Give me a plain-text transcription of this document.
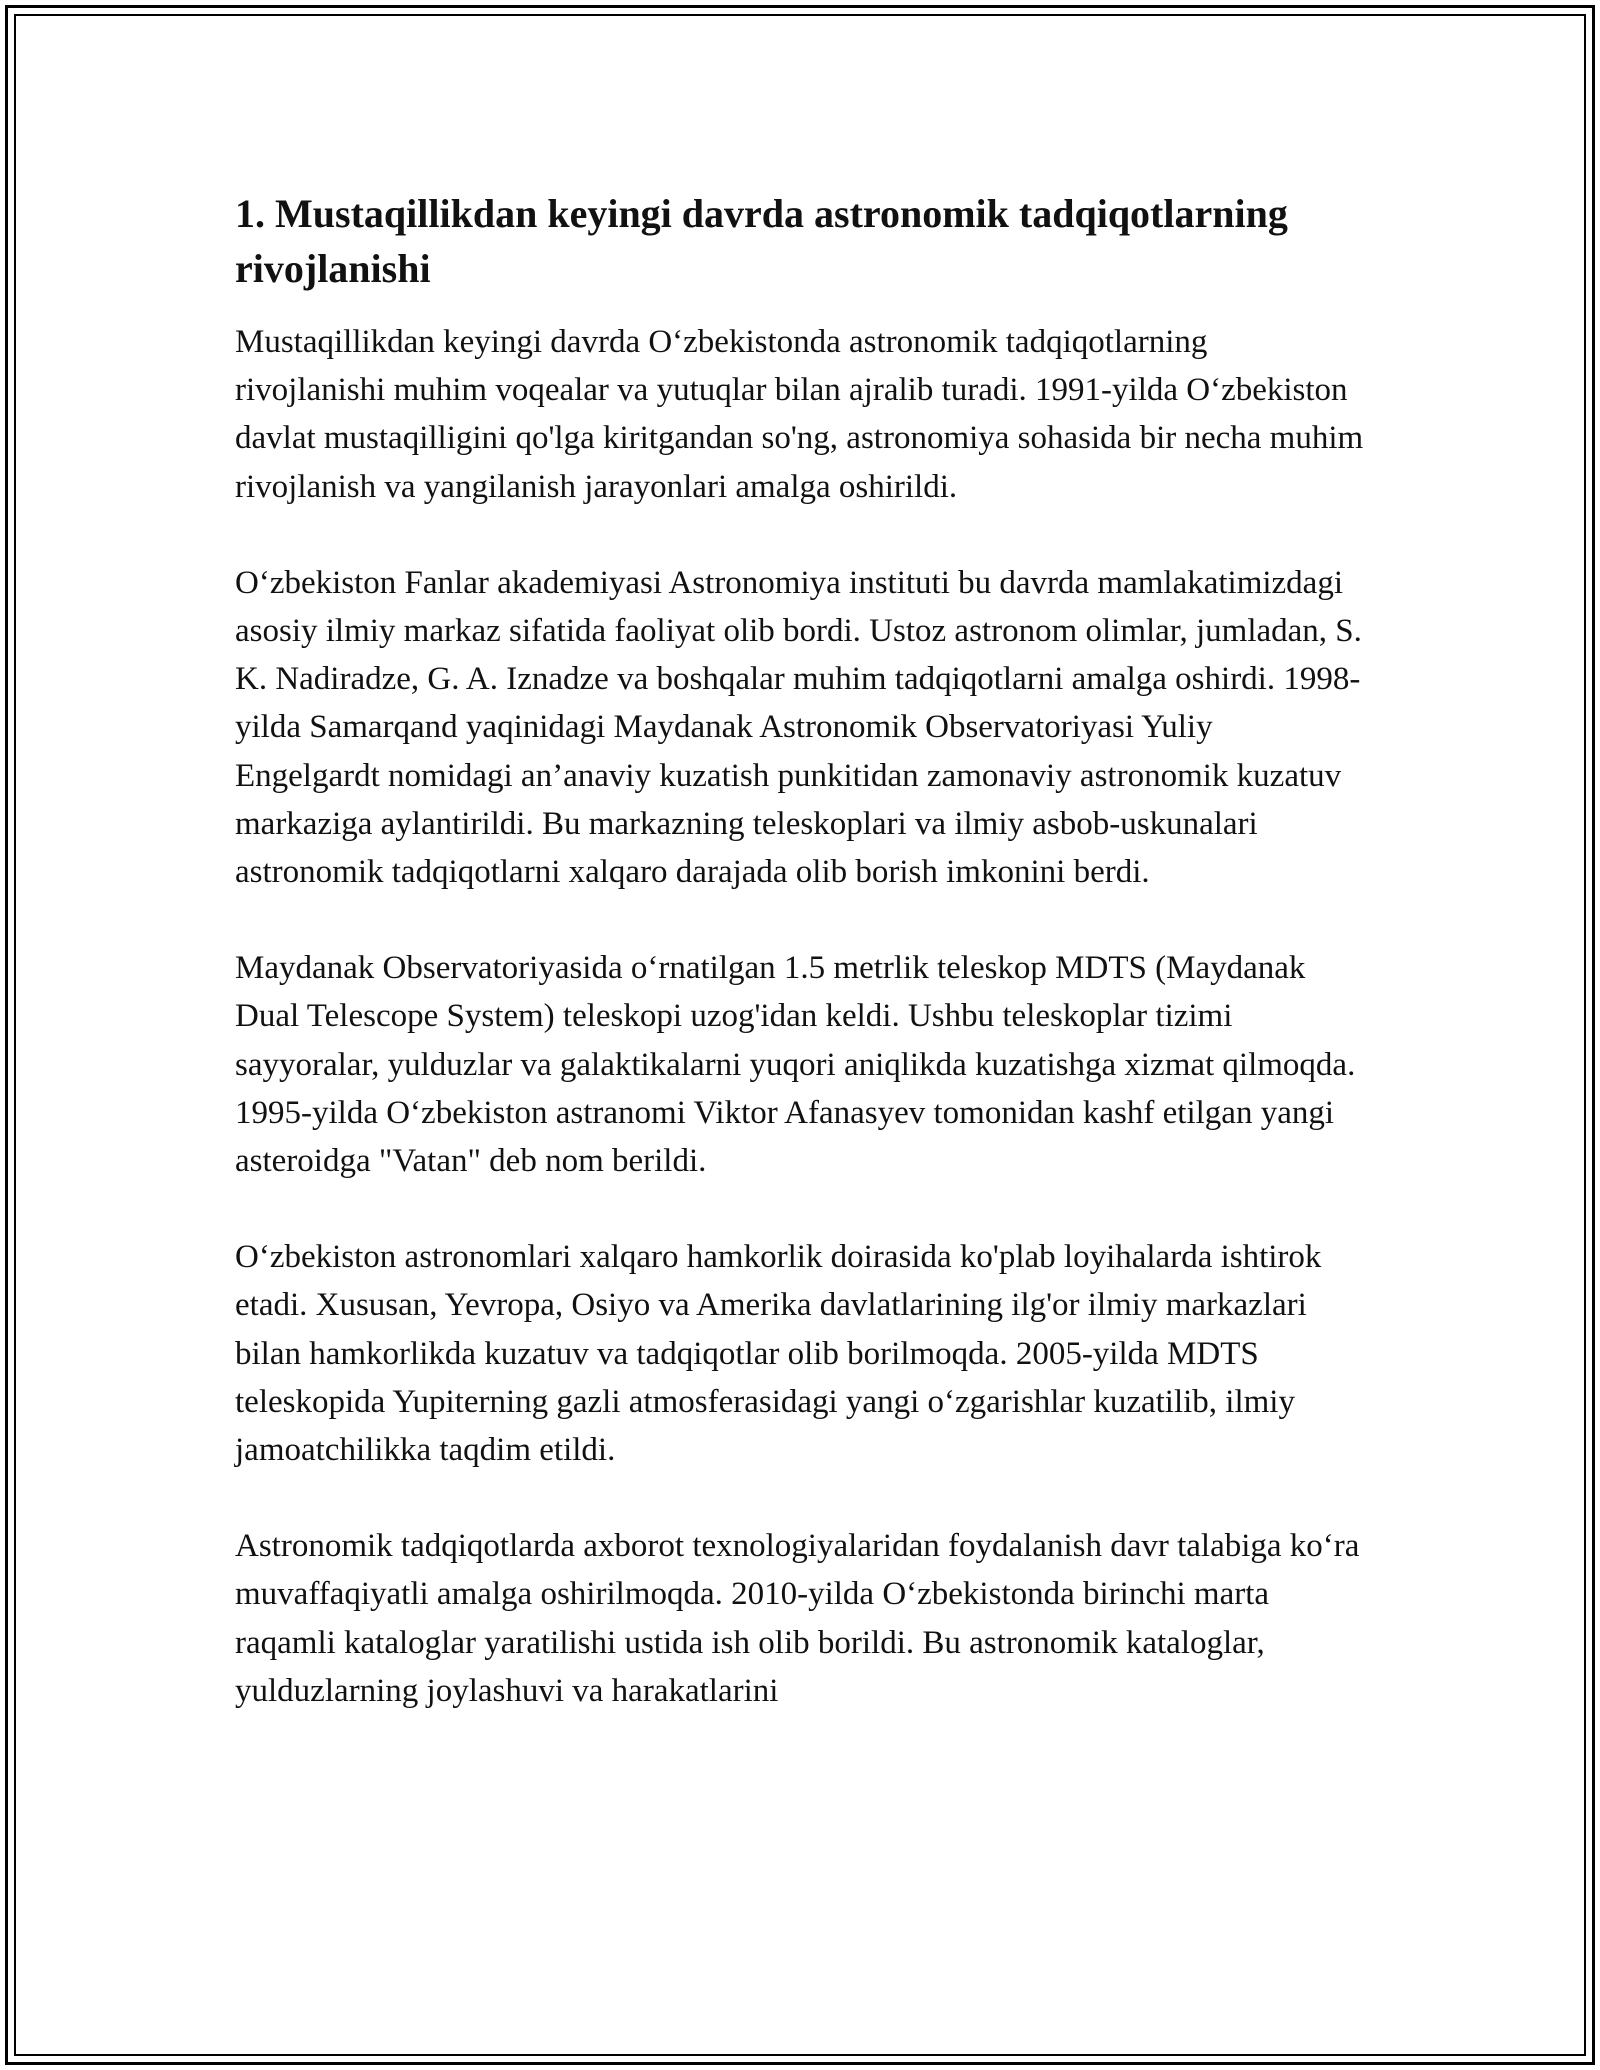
1. Mustaqillikdan keyingi davrda astronomik tadqiqotlarning rivojlanishi

Mustaqillikdan keyingi davrda O‘zbekistonda astronomik tadqiqotlarning rivojlanishi muhim voqealar va yutuqlar bilan ajralib turadi. 1991-yilda O‘zbekiston davlat mustaqilligini qo'lga kiritgandan so'ng, astronomiya sohasida bir necha muhim rivojlanish va yangilanish jarayonlari amalga oshirildi.

O‘zbekiston Fanlar akademiyasi Astronomiya instituti bu davrda mamlakatimizdagi asosiy ilmiy markaz sifatida faoliyat olib bordi. Ustoz astronom olimlar, jumladan, S. K. Nadiradze, G. A. Iznadze va boshqalar muhim tadqiqotlarni amalga oshirdi. 1998-yilda Samarqand yaqinidagi Maydanak Astronomik Observatoriyasi Yuliy Engelgardt nomidagi an’anaviy kuzatish punkitidan zamonaviy astronomik kuzatuv markaziga aylantirildi. Bu markazning teleskoplari va ilmiy asbob-uskunalari astronomik tadqiqotlarni xalqaro darajada olib borish imkonini berdi.

Maydanak Observatoriyasida o‘rnatilgan 1.5 metrlik teleskop MDTS (Maydanak Dual Telescope System) teleskopi uzog'idan keldi. Ushbu teleskoplar tizimi sayyoralar, yulduzlar va galaktikalarni yuqori aniqlikda kuzatishga xizmat qilmoqda. 1995-yilda O‘zbekiston astranomi Viktor Afanasyev tomonidan kashf etilgan yangi asteroidga "Vatan" deb nom berildi.

O‘zbekiston astronomlari xalqaro hamkorlik doirasida ko'plab loyihalarda ishtirok etadi. Xususan, Yevropa, Osiyo va Amerika davlatlarining ilg'or ilmiy markazlari bilan hamkorlikda kuzatuv va tadqiqotlar olib borilmoqda. 2005-yilda MDTS teleskopida Yupiterning gazli atmosferasidagi yangi o‘zgarishlar kuzatilib, ilmiy jamoatchilikka taqdim etildi.

Astronomik tadqiqotlarda axborot texnologiyalaridan foydalanish davr talabiga ko‘ra muvaffaqiyatli amalga oshirilmoqda. 2010-yilda O‘zbekistonda birinchi marta raqamli kataloglar yaratilishi ustida ish olib borildi. Bu astronomik kataloglar, yulduzlarning joylashuvi va harakatlarini
